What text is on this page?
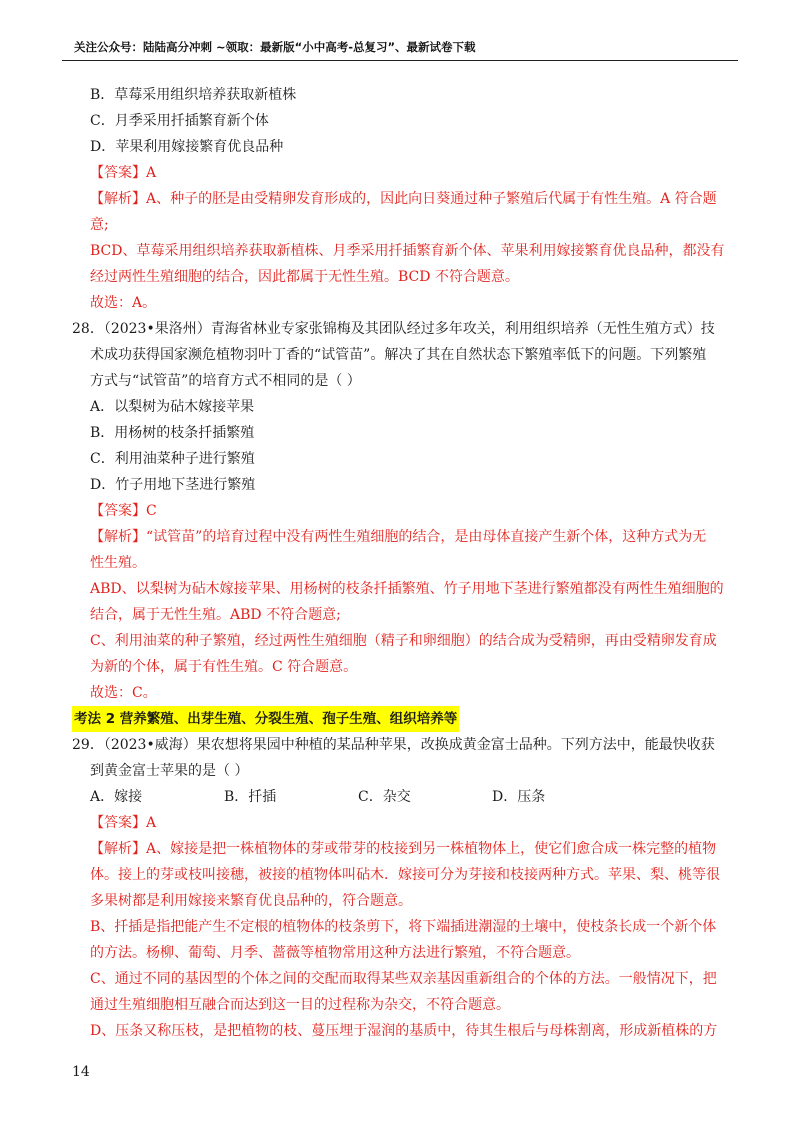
关注公众号：陆陆高分冲刺 ~领取：最新版“小中高考-总复习”、最新试卷下载

B．草莓采用组织培养获取新植株

C．月季采用扦插繁育新个体

D．苹果利用嫁接繁育优良品种

【答案】A

【解析】A、种子的胚是由受精卵发育形成的，因此向日葵通过种子繁殖后代属于有性生殖。A 符合题

意;

BCD、草莓采用组织培养获取新植株、月季采用扦插繁育新个体、苹果利用嫁接繁育优良品种，都没有

经过两性生殖细胞的结合，因此都属于无性生殖。BCD 不符合题意。

故选：A。

28．（2023•果洛州）青海省林业专家张锦梅及其团队经过多年攻关，利用组织培养（无性生殖方式）技

术成功获得国家濒危植物羽叶丁香的“试管苗”。解决了其在自然状态下繁殖率低下的问题。下列繁殖

方式与“试管苗”的培育方式不相同的是（ ）

A．以梨树为砧木嫁接苹果

B．用杨树的枝条扦插繁殖

C．利用油菜种子进行繁殖

D．竹子用地下茎进行繁殖

【答案】C

【解析】“试管苗”的培育过程中没有两性生殖细胞的结合，是由母体直接产生新个体，这种方式为无

性生殖。

ABD、以梨树为砧木嫁接苹果、用杨树的枝条扦插繁殖、竹子用地下茎进行繁殖都没有两性生殖细胞的

结合，属于无性生殖。ABD 不符合题意;

C、利用油菜的种子繁殖，经过两性生殖细胞（精子和卵细胞）的结合成为受精卵，再由受精卵发育成

为新的个体，属于有性生殖。C 符合题意。

故选：C。

考法 2 营养繁殖、出芽生殖、分裂生殖、孢子生殖、组织培养等

29．（2023•威海）果农想将果园中种植的某品种苹果，改换成黄金富士品种。下列方法中，能最快收获

到黄金富士苹果的是（ ）

A．嫁接	B．扦插	C．杂交	D．压条

【答案】A

【解析】A、嫁接是把一株植物体的芽或带芽的枝接到另一株植物体上，使它们愈合成一株完整的植物

体。接上的芽或枝叫接穗，被接的植物体叫砧木．嫁接可分为芽接和枝接两种方式。苹果、梨、桃等很

多果树都是利用嫁接来繁育优良品种的，符合题意。

B、扦插是指把能产生不定根的植物体的枝条剪下，将下端插进潮湿的土壤中，使枝条长成一个新个体

的方法。杨柳、葡萄、月季、蔷薇等植物常用这种方法进行繁殖，不符合题意。

C、通过不同的基因型的个体之间的交配而取得某些双亲基因重新组合的个体的方法。一般情况下，把

通过生殖细胞相互融合而达到这一目的过程称为杂交，不符合题意。

D、压条又称压枝，是把植物的枝、蔓压埋于湿润的基质中，待其生根后与母株割离，形成新植株的方

14
